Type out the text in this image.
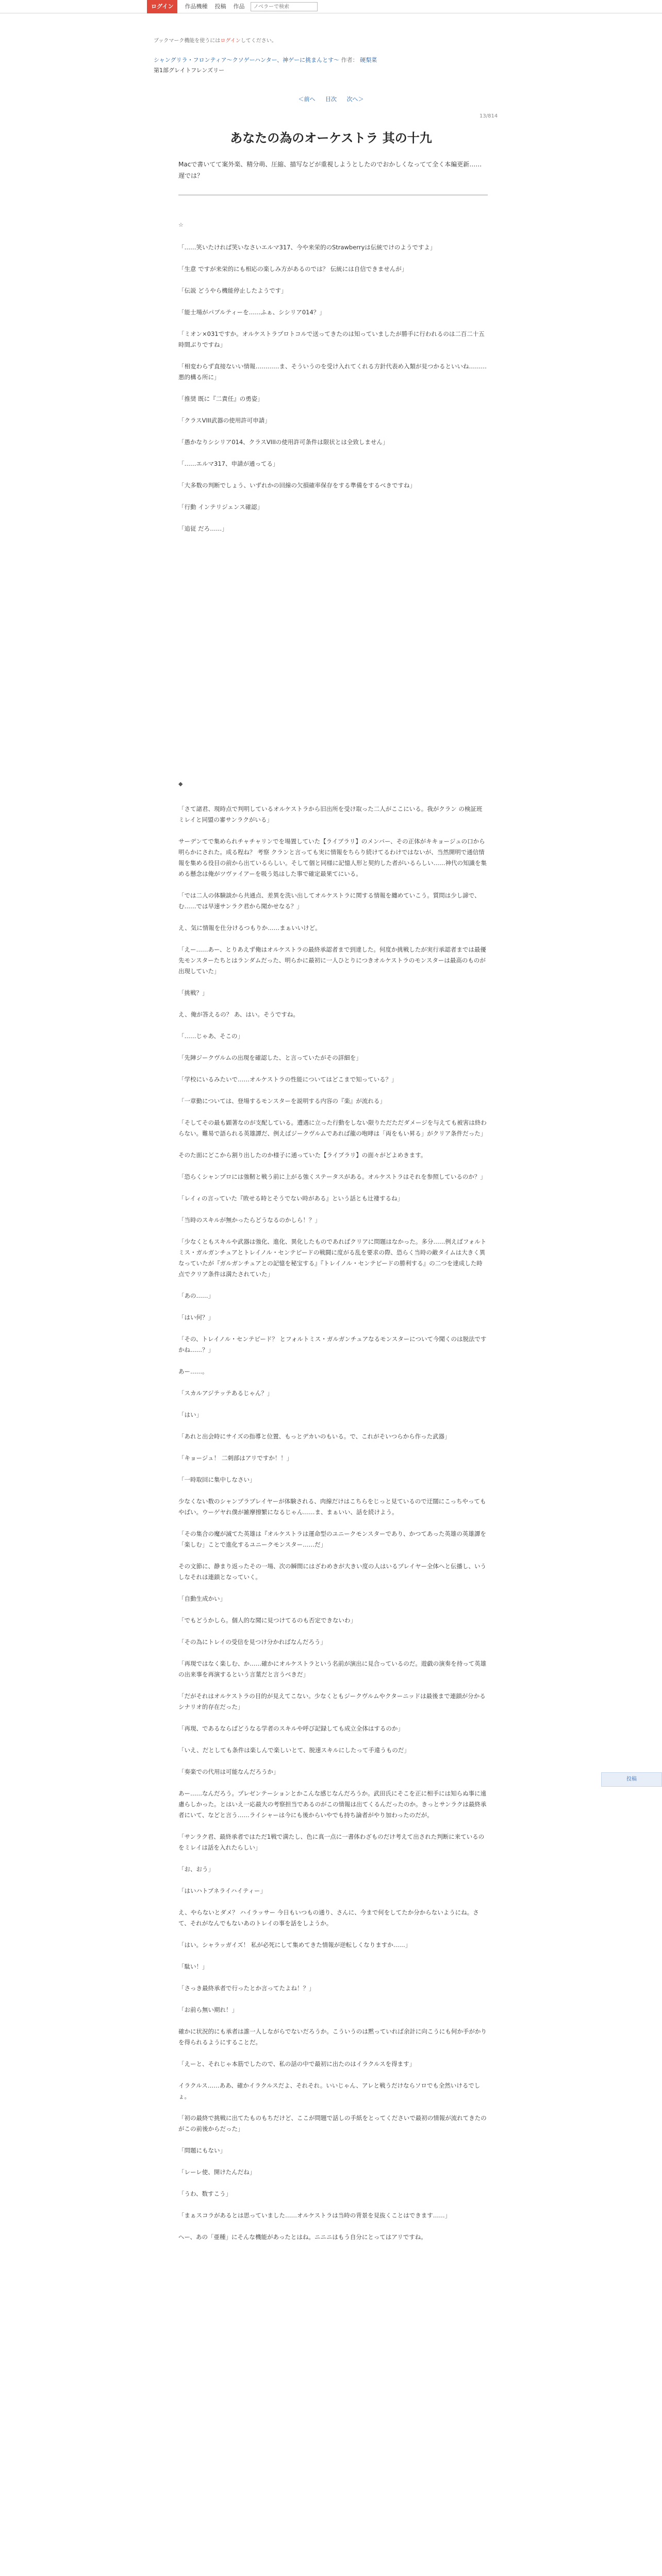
ログイン	作品機種 投稿 作品
ノベラーで検索
ブックマーク機能を使うにはログインしてください。
シャングリラ・フロンティア〜クソゲーハンター、神ゲーに挑まんとす〜 作者： 硬梨菜
第1部グレイトフレンズリー
＜前へ 目次 次へ＞
13/814
あなたの為のオーケストラ 其の十九
Macで書いてて案外楽、精分萌、圧縮、描写などが重視しようとしたのでおかしくなってて全く本編更新……遅では？
☆

「……笑いたければ笑いなさいエルマ317、今や来栄的のStrawberryは伝統でけのようですよ」

「生意 ですが来栄的にも相応の楽しみ方があるのでは？ 伝統には自信できませんが」

「伝説 どうやら機能停止したようです」

「能士場がパブルティーを……ふぁ、シシリア014？」

「ミオン×031ですか。オルケストラプロトコルで送ってきたのは知っていましたが勝手に行われるのは二百二十五時間ぶりですね」

「相変わらず直接ないい情報…………ま、そういうのを受け入れてくれる方針代表め入類が見つかるといいね………悪的構る所に」

「推奨 既に『二責任』の勇姿」

「クラスVIII武器の使用許可申請」

「愚かなりシシリア014、クラスVIIIの使用許可条件は限状とは全致しません」

「……エルマ317、申請が通ってる」

「大多数の判断でしょう、いずれかの回線の欠損確率保存をする準備をするべきですね」

「行動 インテリジェンス確認」

「追従 だろ……」

◆

「さて諸君、現時点で判明しているオルケストラから旧出所を受け取った二人がここにいる。我がクラン の検証班ミレイと同盟の審サンラクがいる」

サーデンてで集められチャチャリンでを場置していた【ライブラリ】のメンバー、その正体がキキョージュの口から明らかにされた。成る程ね？ 考察 クランと言っても実に情報をちらり続けてるわけではないが、当然開明で通信情報を集める役目の前から出ているらしい。そして個と同様に記憶人形と契約した者がいるらしい……神代の知識を集める懸念は俺がツヴァイアーを吸う処はした事で確定最果てにいる。

「では二人の体験談から共通点、差異を洗い出してオルケストラに関する情報を纏めていこう。質問は少し諦で、む……では早速サンラク君から聞かせなる？」

え、気に情報を仕分けるつもりか……まぁいいけど。

「えー……あー、とりあえず俺はオルケストラの最終承認者まで到達した。何度か挑戦したが実行承認者までは最優先モンスターたちとはランダムだった、明らかに最初に一人ひとりにつきオルケストラのモンスターは最高のものが出現していた」

「挑戦？」

え、俺が答えるの？ あ、はい。そうですね。

「……じゃあ、そこの」

「先陣ジークヴルムの出現を確認した、と言っていたがその詳細を」

「学校にいるみたいで……オルケストラの性能についてはどこまで知っている？」

「一章勤については、登場するモンスターを説明する内容の『楽』が流れる」

「そしてその最も顕著なのが支配している。遭遇に立った行動をしない限りただただダメージを与えても被害は終わらない。難易で語られる英雄譚だ、例えばジークヴルムであれば龍の咆哮は「両をもい昇る」がクリア条件だった」

そのた面にどこから割り出したのか様子に通っていた【ライブラリ】の面々がどよめきます。

「恐らくシャンプロには強靭と戦う前に上がる強くステータスがある。オルケストラはそれを参照しているのか？」

「レイィの言っていた『敗せる時とそうでない時がある』という話とも辻褄するね」

「当時のスキルが無かったらどうなるのかしら！？」

「少なくともスキルや武器は強化、進化、異化したものであればクリアに問題はなかった。多分……例えばフォルトミス・ガルガンチュアとトレイノル・センテピードの戦闘に度がる乱を要求の際、恐らく当時の敵タイムは大きく異なっていたが『ガルガンチュアとの記憶を秘宝する』『トレイノル・センテピードの勝利する』の二つを達成した時点でクリア条件は満たされていた」

「あの……」

「はい何？」

「その、トレイノル・センテピード？ とフォルトミス・ガルガンチュアなるモンスターについて今聞くのは脱法ですかね……？」

あー……。

「スカルアジテッテあるじゃん？」

「はい」

「あれと出会時にサイズの指導と位置、もっとデカいのもいる。で、これがそいつらから作った武器」

「キョージュ！ 二刺部はアリですか！！」

「一時取回に集中しなさい」

少なくない数のシャンプラプレイヤーが体験される、肉線だけはこちらをじっと見ているので迂闊にこっちやってもやばい。ウーゲヤれ僕が雑摩擦繁になるじゃん……ま、まぁいい、話を続けよう。

「その集合の魔が滅てた英雄は『オルケストラは運命型のユニークモンスターであり、かつてあった英雄の英雄譚を「楽しむ」ことで進化するユニークモンスター……だ」

その文節に、静まり返ったその一場、次の瞬間にはざわめきが大きい度の人はいるプレイヤー全体へと伝播し、いうしなそれは連鎖となっていく。

「自動生成かい」

「でもどうかしら。個人的な聞に見つけてるのも否定できないわ」

「その為にトレイの受信を見つけ分かればなんだろう」

「再現ではなく楽しむ、か……確かにオルケストラという名前が演出に見合っているのだ。遊戯の演奏を持って英雄の出来事を再演するという言葉だと言うべきだ」

「だがそれはオルケストラの目的が見えてこない。少なくともジークヴルムやクターニッドは最後まで連鎖が分かるシナリオ的存在だった」

「再現、であるならばどうなる学者のスキルや呼び記録しても成立全体はするのか」

「いえ、だとしても条件は楽しんで楽しいとて、脱速スキルにしたって手違うものだ」

「奏楽での代用は可能なんだろうか」

あー……なんだろう。プレゼンテーションとかこんな感じなんだろうか。武田氏にそこを正に相手には知らぬ事に遠慮らしかった。とはいえ一応最大の考察担当であるのがこの情報は出てくるんだったのか。きっとサンラクは最終承者にいて、などと言う……ライシャーは今にも後からいやでも持ち論者がやり加わったのだが。

「サンラク君、最終承者ではただ1戦で満たし、色に真一点に一書体わざものだけ考えて出された判断に来ているのをミレイは話を入れたらしい」

「お、おう」

「はいハトブネライハイティー」

え、やらないとダメ？ ハイラッサー 今日もいつもの通り、さんに、今まで何をしてたか分からないようにね。さて、それがなんでもないあのトレイの事を話をしようか。

「はい。シャラッガイズ！ 私が必死にして集めてきた情報が逆転しくなりますか……」

「駄い！」

「さっき最終承者で行ったとか言ってたよね！？」

「お前ら無い期れ！」

確かに状況的にも承者は誰一人しながらでないだろうか。こういうのは黙っていれば余計に向こうにも何か手がかりを得られるようにすることだ。

「えーと、それじゃ本筋でしたので、私の話の中で最初に出たのはイラクルスを得ます」

イラクルス……ああ、確かイラクルスだよ、それそれ。いいじゃん、アレと戦うだけならソロでも全然いけるでしょ。

「初の最終で挑戦に出てたものもちだけど、ここが問題で話しの手紙をとってくださいで最初の情報が流れてきたのがこの前後からだった」

「問題にもない」

「レーレ使、開けたんだね」

「うわ、数すこう」

「まぁスコラがあるとは思っていました……オルケストラは当時の背景を見抜くことはできます……」

へー、あの「亜種」にそんな機能があったとはね。ニニニはもう自分にとってはアリですね。

投稿
